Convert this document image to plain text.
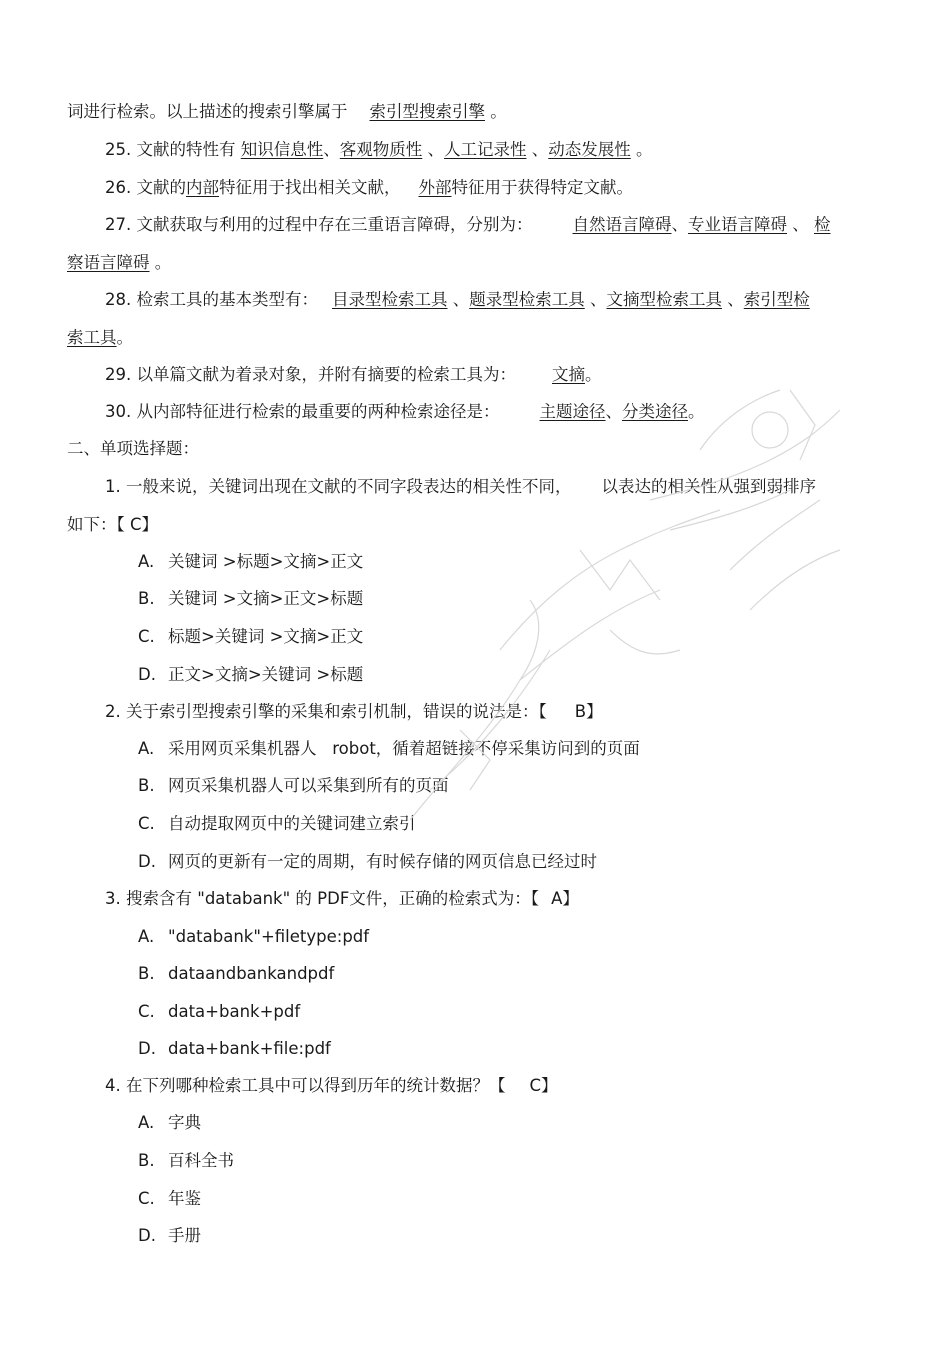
词进行检索。以上描述的搜索引擎属于 索引型搜索引擎 。
25. 文献的特性有 知识信息性、客观物质性 、人工记录性 、动态发展性 。
26. 文献的内部特征用于找出相关文献， 外部特征用于获得特定文献。
27. 文献获取与利用的过程中存在三重语言障碍，分别为： 自然语言障碍、专业语言障碍 、 检
察语言障碍 。
28. 检索工具的基本类型有： 目录型检索工具 、题录型检索工具 、文摘型检索工具 、索引型检
索工具。
29. 以单篇文献为着录对象，并附有摘要的检索工具为： 文摘。
30. 从内部特征进行检索的最重要的两种检索途径是： 主题途径、分类途径。
二、单项选择题：
1. 一般来说，关键词出现在文献的不同字段表达的相关性不同， 以表达的相关性从强到弱排序
如下：【 C】
A. 关键词 >标题>文摘>正文
B. 关键词 >文摘>正文>标题
C. 标题>关键词 >文摘>正文
D. 正文>文摘>关键词 >标题
2. 关于索引型搜索引擎的采集和索引机制，错误的说法是：【 B】
A. 采用网页采集机器人   robot，循着超链接不停采集访问到的页面
B. 网页采集机器人可以采集到所有的页面
C. 自动提取网页中的关键词建立索引
D. 网页的更新有一定的周期，有时候存储的网页信息已经过时
3. 搜索含有 "databank" 的 PDF文件，正确的检索式为：【 A】
A. "databank"+filetype:pdf
B. dataandbankandpdf
C. data+bank+pdf
D. data+bank+file:pdf
4. 在下列哪种检索工具中可以得到历年的统计数据？【 C】
A. 字典
B. 百科全书
C. 年鉴
D. 手册
